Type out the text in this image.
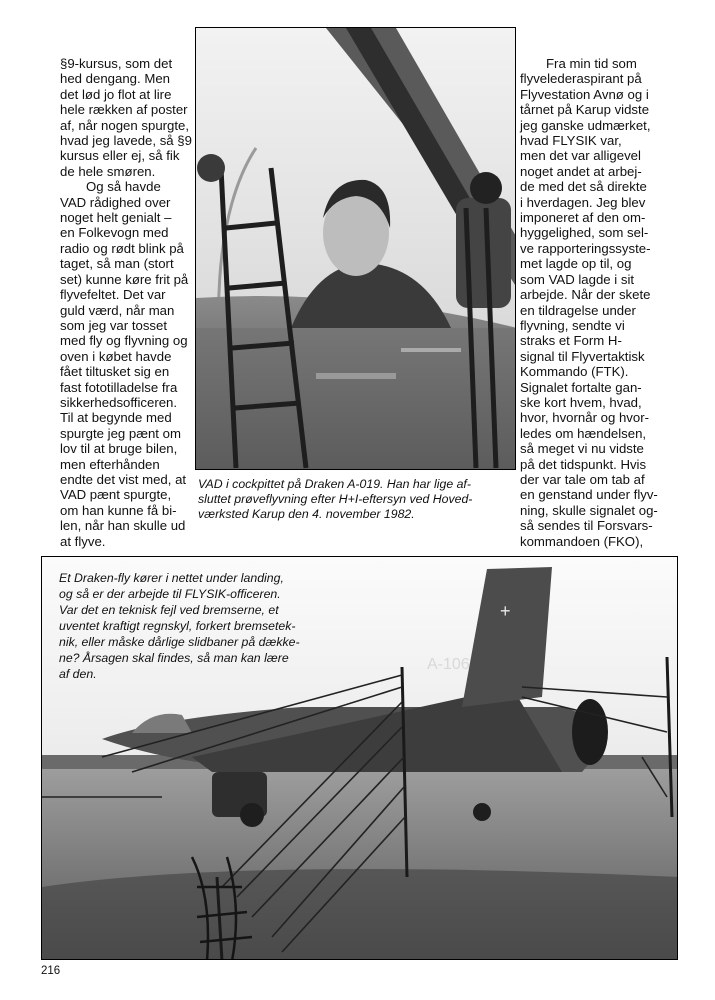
§9-kursus, som det
hed dengang. Men
det lød jo flot at lire
hele rækken af poster
af, når nogen spurgte,
hvad jeg lavede, så §9
kursus eller ej, så fik
de hele smøren.

Og så havde
VAD rådighed over
noget helt genialt –
en Folkevogn med
radio og rødt blink på
taget, så man (stort
set) kunne køre frit på
flyvefeltet. Det var
guld værd, når man
som jeg var tosset
med fly og flyvning og
oven i købet havde
fået tiltusket sig en
fast fototilladelse fra
sikkerhedsofficeren.
Til at begynde med
spurgte jeg pænt om
lov til at bruge bilen,
men efterhånden
endte det vist med, at
VAD pænt spurgte,
om han kunne få bi-
len, når han skulle ud
at flyve.

VAD i cockpittet på Draken A-019. Han har lige af-
sluttet prøveflyvning efter H+I-eftersyn ved Hoved-
værksted Karup den 4. november 1982.

Fra min tid som
flyvelederaspirant på
Flyvestation Avnø og i
tårnet på Karup vidste
jeg ganske udmærket,
hvad FLYSIK var,
men det var alligevel
noget andet at arbej-
de med det så direkte
i hverdagen. Jeg blev
imponeret af den om-
hyggelighed, som sel-
ve rapporteringssyste-
met lagde op til, og
som VAD lagde i sit
arbejde. Når der skete
en tildragelse under
flyvning, sendte vi
straks et Form H-
signal til Flyvertaktisk
Kommando (FTK).
Signalet fortalte gan-
ske kort hvem, hvad,
hvor, hvornår og hvor-
ledes om hændelsen,
så meget vi nu vidste
på det tidspunkt. Hvis
der var tale om tab af
en genstand under flyv-
ning, skulle signalet og-
så sendes til Forsvars-
kommandoen (FKO),

A-106
+
Et Draken-fly kører i nettet under landing,
og så er der arbejde til FLYSIK-officeren.
Var det en teknisk fejl ved bremserne, et
uventet kraftigt regnskyl, forkert bremsetek-
nik, eller måske dårlige slidbaner på dække-
ne? Årsagen skal findes, så man kan lære
af den.
216
